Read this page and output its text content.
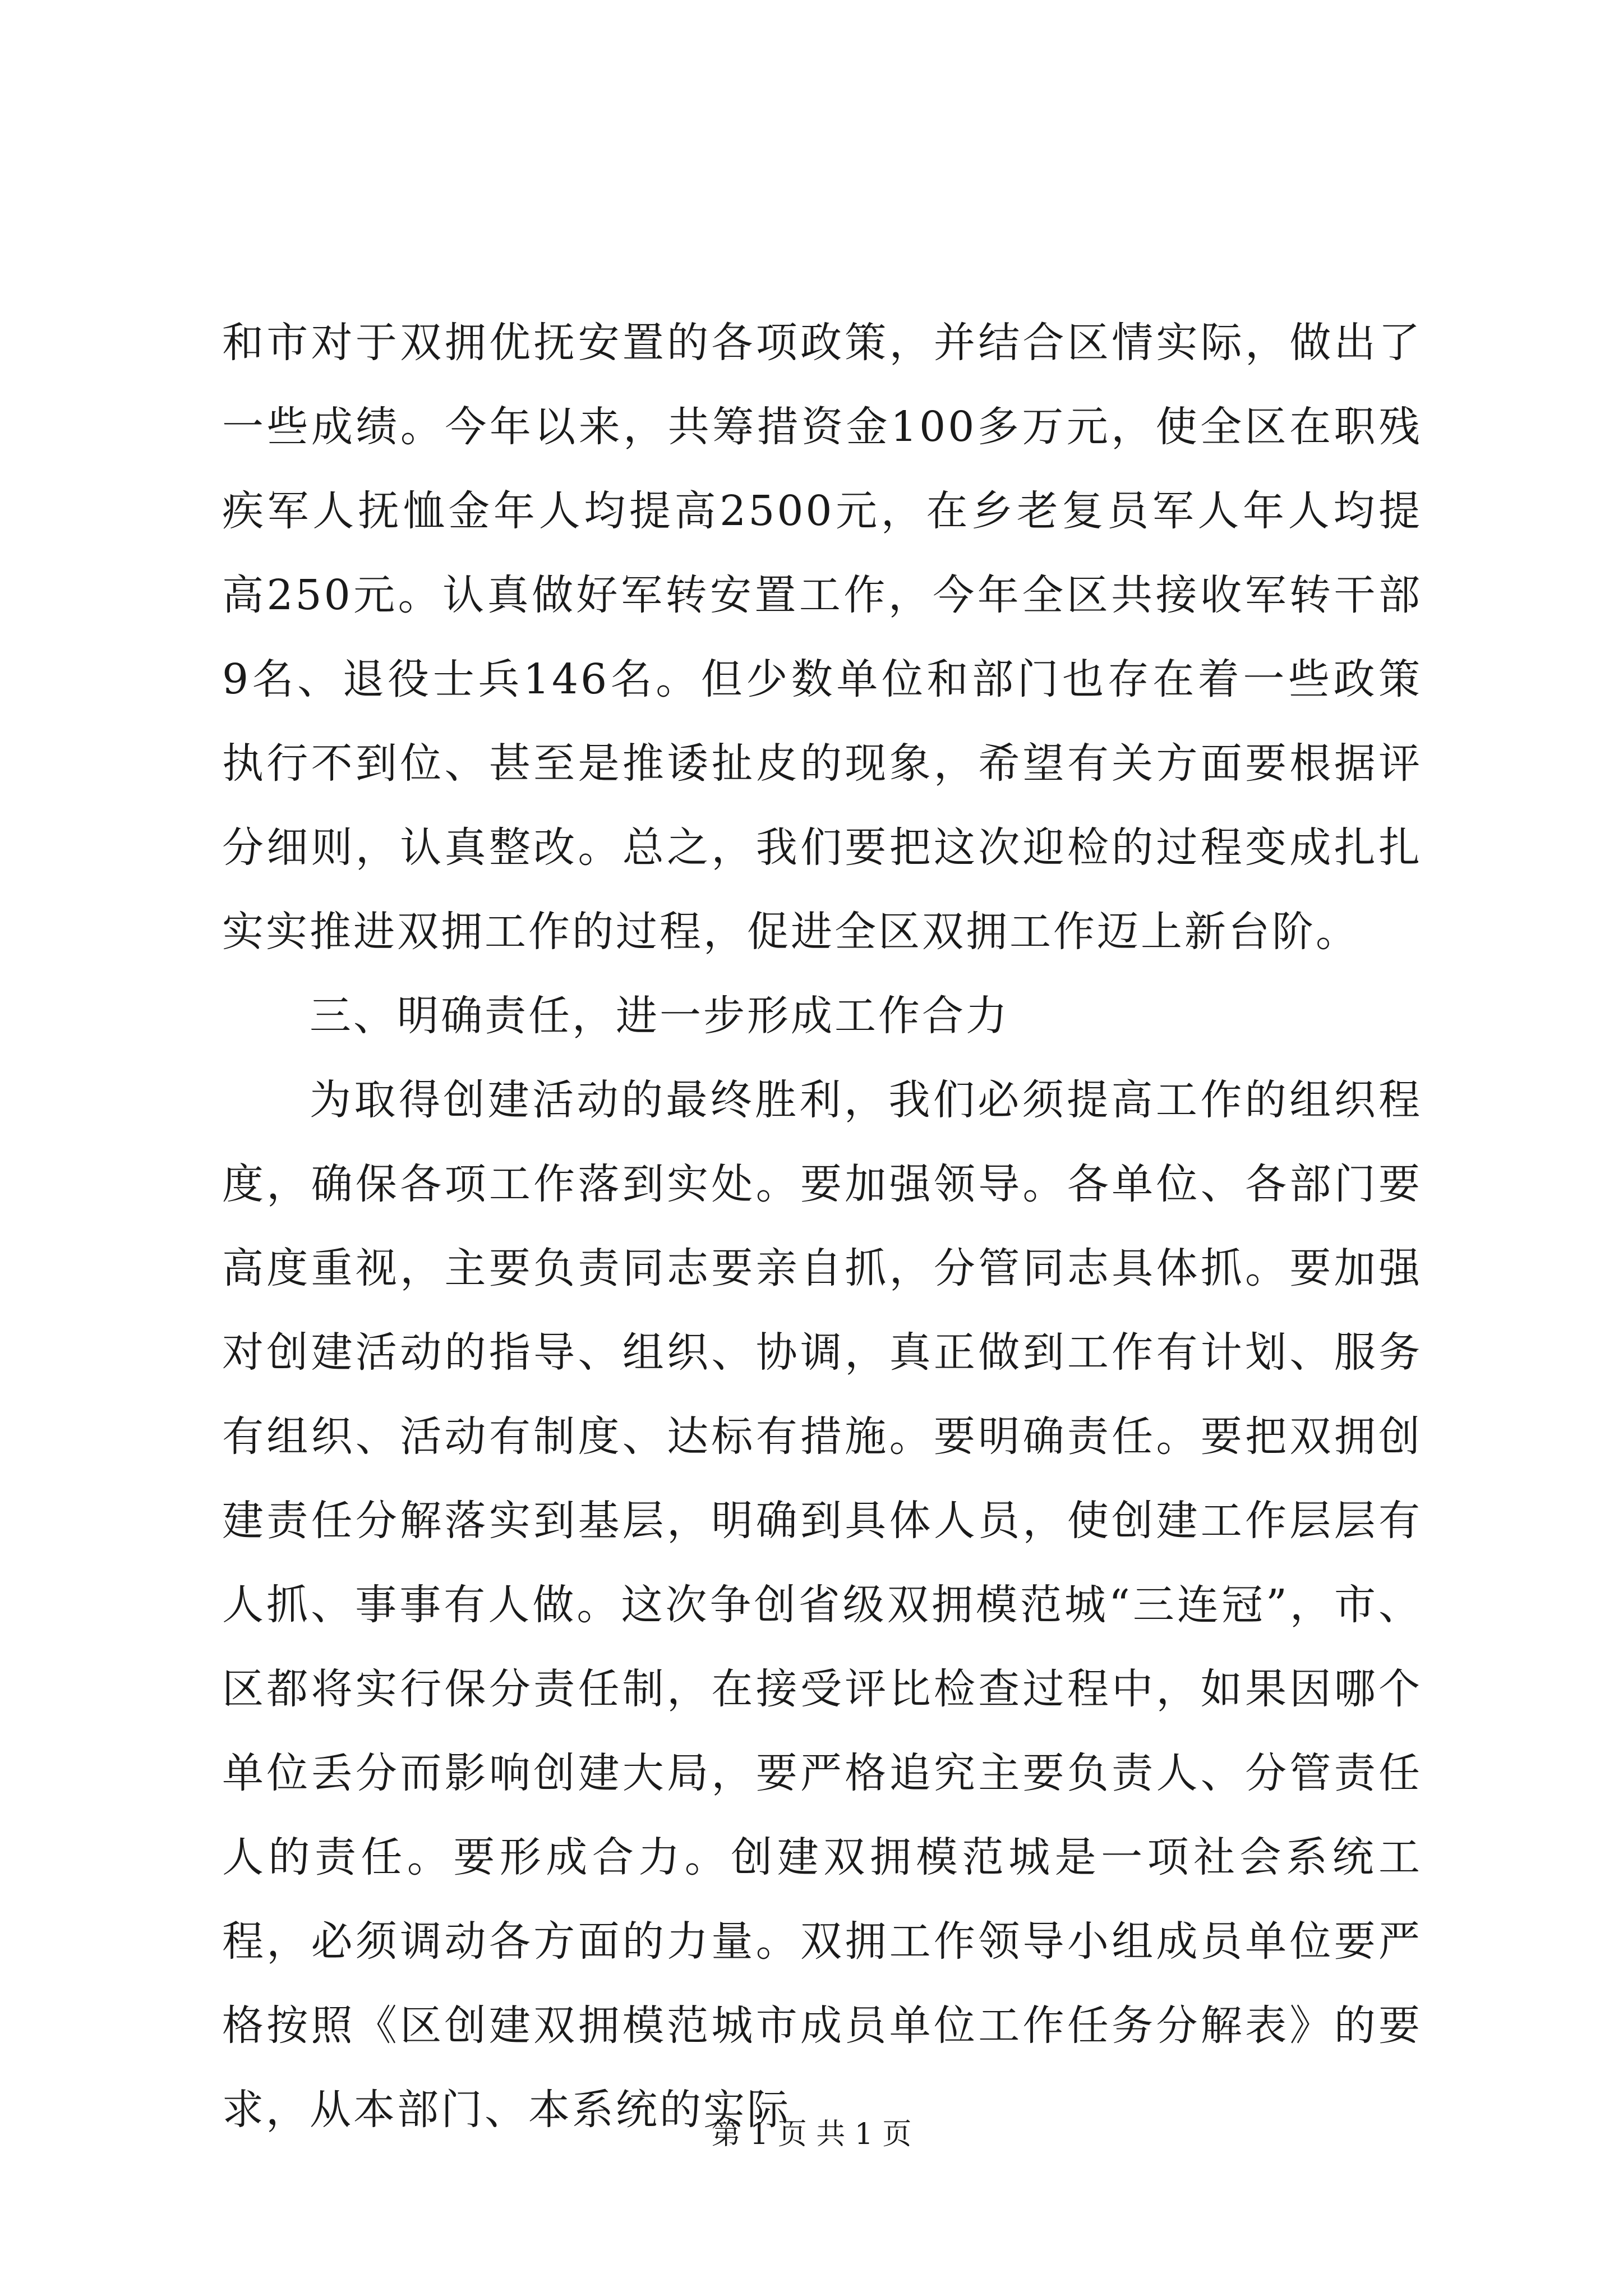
和市对于双拥优抚安置的各项政策，并结合区情实际，做出了一些成绩。今年以来，共筹措资金100多万元，使全区在职残疾军人抚恤金年人均提高2500元，在乡老复员军人年人均提高250元。认真做好军转安置工作，今年全区共接收军转干部9名、退役士兵146名。但少数单位和部门也存在着一些政策执行不到位、甚至是推诿扯皮的现象，希望有关方面要根据评分细则，认真整改。总之，我们要把这次迎检的过程变成扎扎实实推进双拥工作的过程，促进全区双拥工作迈上新台阶。

三、明确责任，进一步形成工作合力

为取得创建活动的最终胜利，我们必须提高工作的组织程度，确保各项工作落到实处。要加强领导。各单位、各部门要高度重视，主要负责同志要亲自抓，分管同志具体抓。要加强对创建活动的指导、组织、协调，真正做到工作有计划、服务有组织、活动有制度、达标有措施。要明确责任。要把双拥创建责任分解落实到基层，明确到具体人员，使创建工作层层有人抓、事事有人做。这次争创省级双拥模范城“三连冠”，市、区都将实行保分责任制，在接受评比检查过程中，如果因哪个单位丢分而影响创建大局，要严格追究主要负责人、分管责任人的责任。要形成合力。创建双拥模范城是一项社会系统工程，必须调动各方面的力量。双拥工作领导小组成员单位要严格按照《区创建双拥模范城市成员单位工作任务分解表》的要求，从本部门、本系统的实际

第 1 页 共 1 页
